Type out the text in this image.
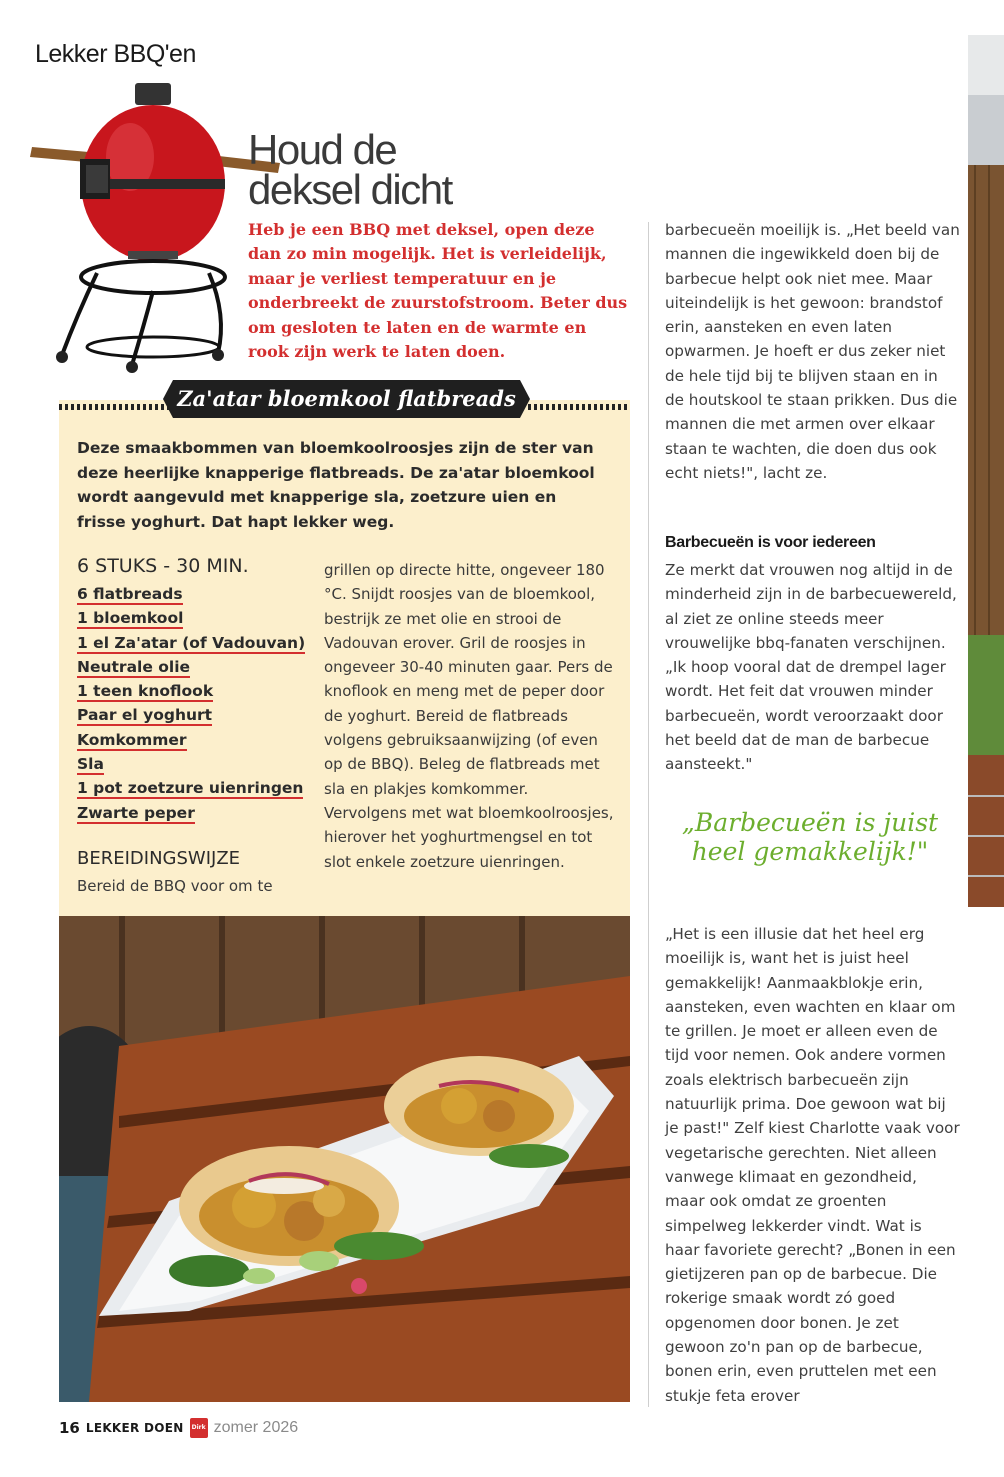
Lekker BBQ'en
Houd de
deksel dicht

Heb je een BBQ met deksel, open deze dan zo min mogelijk. Het is verleidelijk, maar je verliest temperatuur en je onderbreekt de zuurstofstroom. Beter dus om gesloten te laten en de warmte en rook zijn werk te laten doen.

Za'atar bloemkool flatbreads

Deze smaakbommen van bloemkoolroosjes zijn de ster van deze heerlijke knapperige flatbreads. De za'atar bloemkool wordt aangevuld met knapperige sla, zoetzure uien en frisse yoghurt. Dat hapt lekker weg.

6 STUKS - 30 MIN.
6 flatbreads
1 bloemkool
1 el Za'atar (of Vadouvan)
Neutrale olie
1 teen knoflook
Paar el yoghurt
Komkommer
Sla
1 pot zoetzure uienringen
Zwarte peper
BEREIDINGSWIJZE

Bereid de BBQ voor om te

grillen op directe hitte, ongeveer 180 °C. Snijdt roosjes van de bloemkool, bestrijk ze met olie en strooi de Vadouvan erover. Gril de roosjes in ongeveer 30-40 minuten gaar. Pers de knoflook en meng met de peper door de yoghurt. Bereid de flatbreads volgens gebruiksaanwijzing (of even op de BBQ). Beleg de flatbreads met sla en plakjes komkommer. Vervolgens met wat bloemkoolroosjes, hierover het yoghurtmengsel en tot slot enkele zoetzure uienringen.

barbecueën moeilijk is. „Het beeld van mannen die ingewikkeld doen bij de barbecue helpt ook niet mee. Maar uiteindelijk is het gewoon: brandstof erin, aansteken en even laten opwarmen. Je hoeft er dus zeker niet de hele tijd bij te blijven staan en in de houtskool te staan prikken. Dus die mannen die met armen over elkaar staan te wachten, die doen dus ook echt niets!", lacht ze.

Barbecueën is voor iedereen

Ze merkt dat vrouwen nog altijd in de minderheid zijn in de barbecuewereld, al ziet ze online steeds meer vrouwelijke bbq-fanaten verschijnen. „Ik hoop vooral dat de drempel lager wordt. Het feit dat vrouwen minder barbecueën, wordt veroorzaakt door het beeld dat de man de barbecue aansteekt."

„Barbecueën is juist heel gemakkelijk!"

„Het is een illusie dat het heel erg moeilijk is, want het is juist heel gemakkelijk! Aanmaakblokje erin, aansteken, even wachten en klaar om te grillen. Je moet er alleen even de tijd voor nemen. Ook andere vormen zoals elektrisch barbecueën zijn natuurlijk prima. Doe gewoon wat bij je past!" Zelf kiest Charlotte vaak voor vegetarische gerechten. Niet alleen vanwege klimaat en gezondheid, maar ook omdat ze groenten simpelweg lekkerder vindt. Wat is haar favoriete gerecht? „Bonen in een gietijzeren pan op de barbecue. Die rokerige smaak wordt zó goed opgenomen door bonen. Je zet gewoon zo'n pan op de barbecue, bonen erin, even pruttelen met een stukje feta erover

16 LEKKER DOEN	Dirk zomer 2026
